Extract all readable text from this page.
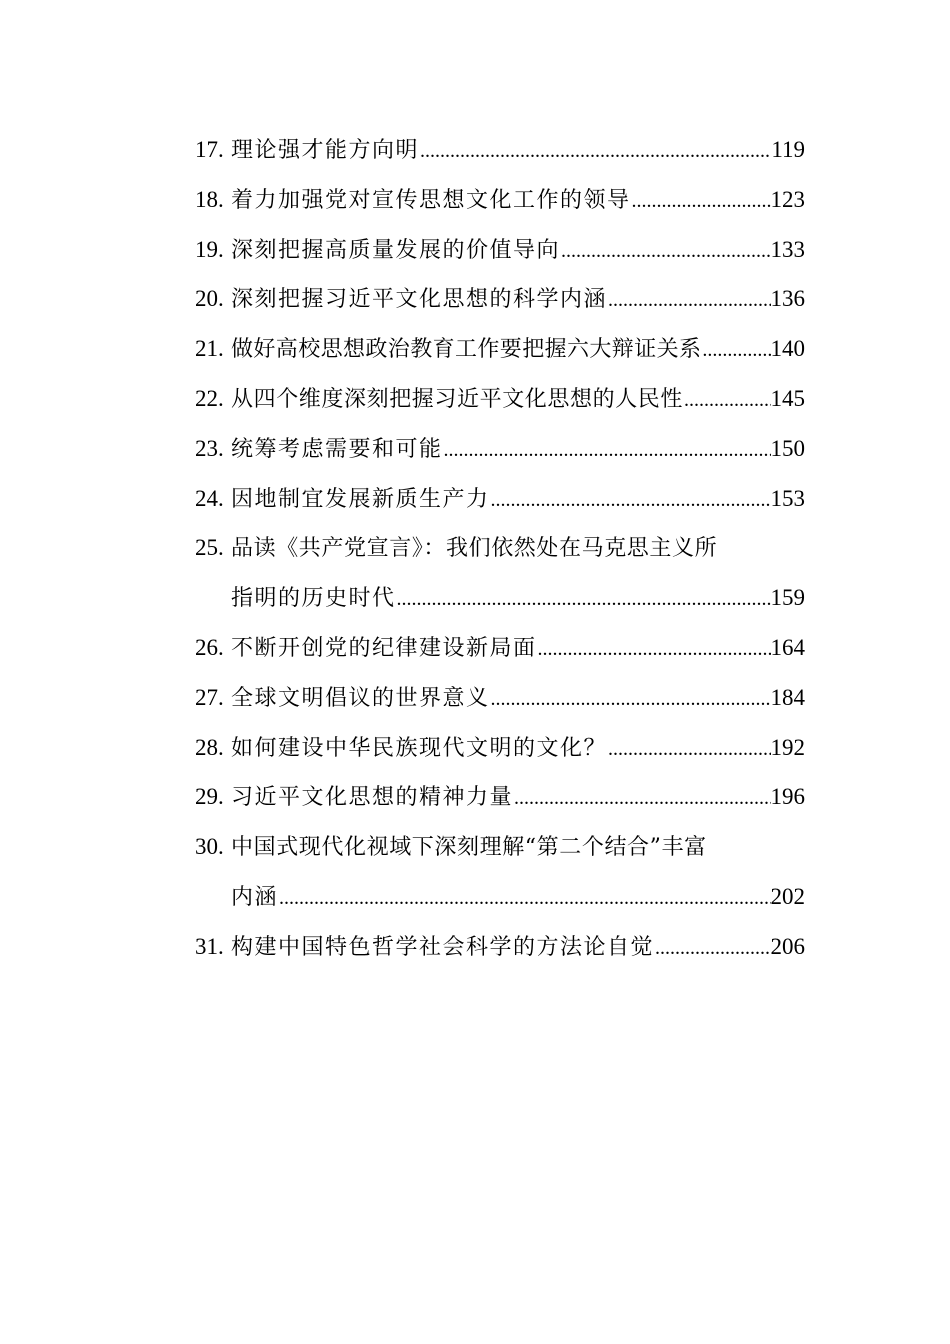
17. 理论强才能方向明 .....	119
18. 着力加强党对宣传思想文化工作的领导 .....	123
19. 深刻把握高质量发展的价值导向 .....	133
20. 深刻把握习近平文化思想的科学内涵 .....	136
21. 做好高校思想政治教育工作要把握六大辩证关系 .....	140
22. 从四个维度深刻把握习近平文化思想的人民性 .....	145
23. 统筹考虑需要和可能 .....	150
24. 因地制宜发展新质生产力 .....	153
25. 品读《共产党宣言》：我们依然处在马克思主义所
指明的历史时代 .....	159
26. 不断开创党的纪律建设新局面 .....	164
27. 全球文明倡议的世界意义 .....	184
28. 如何建设中华民族现代文明的文化？ .....	192
29. 习近平文化思想的精神力量 .....	196
30. 中国式现代化视域下深刻理解“第二个结合”丰富
内涵 .....	202
31. 构建中国特色哲学社会科学的方法论自觉 .....	206
